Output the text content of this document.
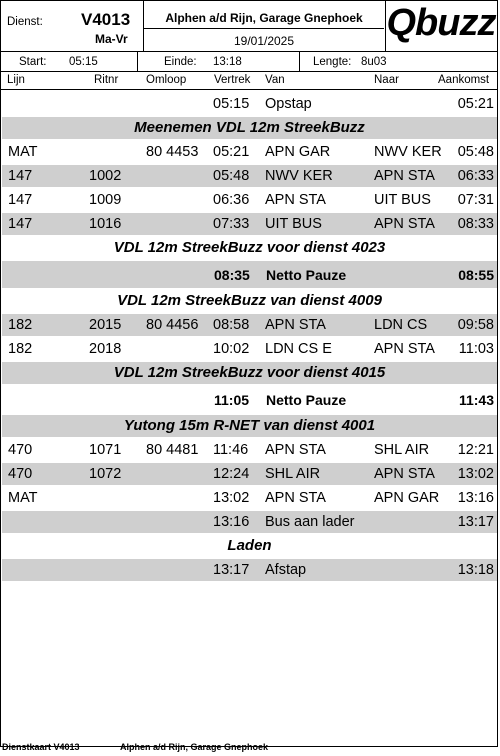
Dienst: V4013
Ma-Vr
Alphen a/d Rijn, Garage Gnephoek
19/01/2025	Qbuzz
Start: 05:15	Einde: 13:18	Lengte: 8u03
Lijn	Ritnr Omloop Vertrek Van	Naar	Aankomst
05:15 Opstap	05:21
Meenemen VDL 12m StreekBuzz
MAT	80 4453 05:21 APN GAR	NWV KER 05:48
147	1002	05:48 NWV KER	APN STA 06:33
147	1009	06:36 APN STA	UIT BUS 07:31
147	1016	07:33 UIT BUS	APN STA 08:33
VDL 12m StreekBuzz voor dienst 4023
08:35 Netto Pauze	08:55
VDL 12m StreekBuzz van dienst 4009
182	2015 80 4456 08:58 APN STA	LDN CS 09:58
182	2018	10:02 LDN CS E	APN STA 11:03
VDL 12m StreekBuzz voor dienst 4015
11:05 Netto Pauze	11:43
Yutong 15m R-NET van dienst 4001
470	1071 80 4481 11:46 APN STA	SHL AIR 12:21
470	1072	12:24 SHL AIR	APN STA 13:02
MAT	13:02 APN STA	APN GAR 13:16
13:16 Bus aan lader	13:17
Laden
13:17 Afstap	13:18
Dienstkaart V4013	Alphen a/d Rijn, Garage Gnephoek
